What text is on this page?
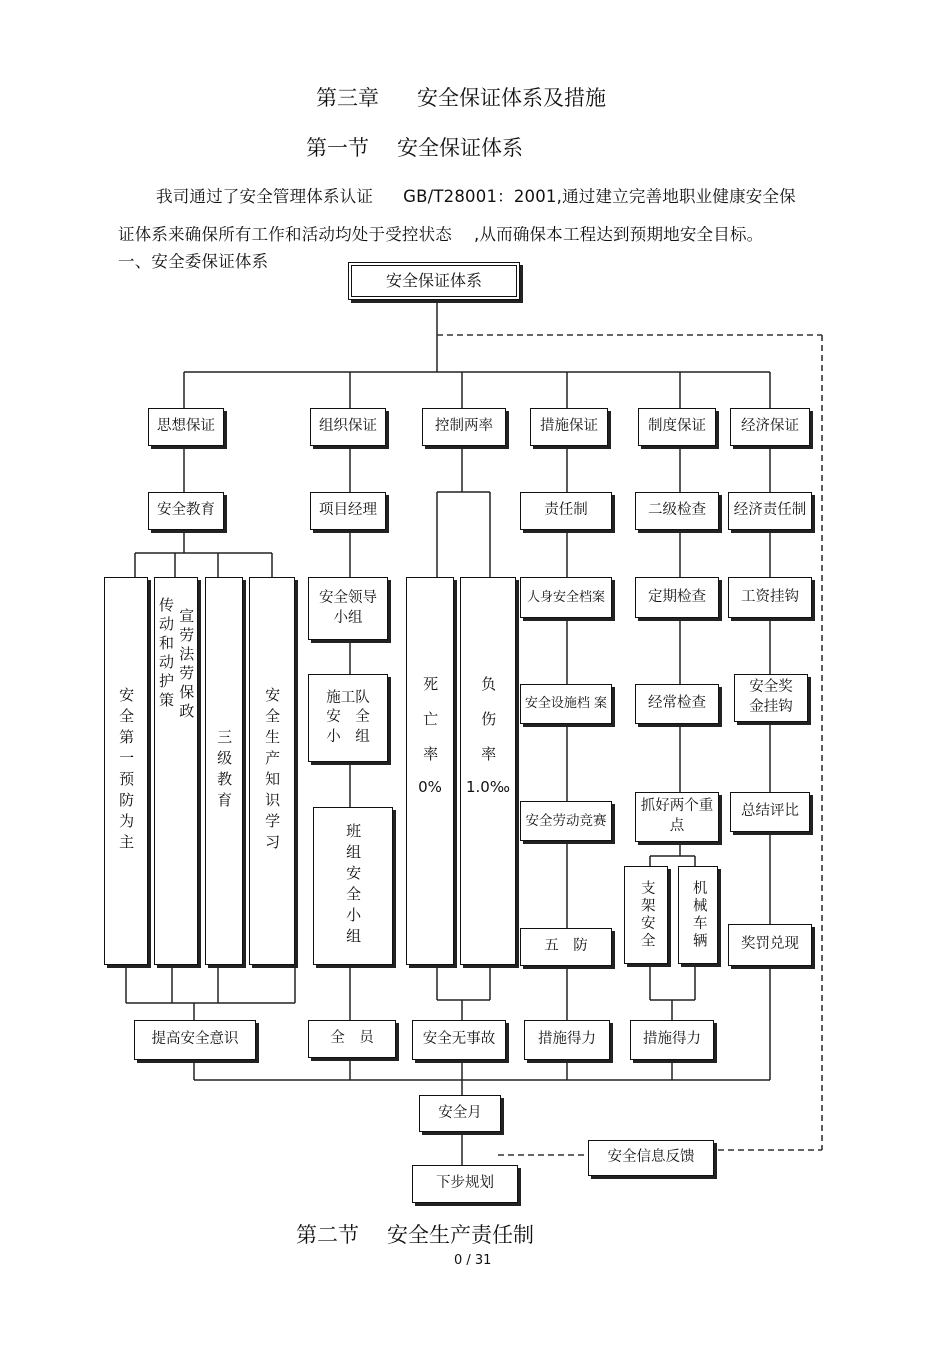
第三章 安全保证体系及措施
第一节 安全保证体系
我司通过了安全管理体系认证 GB/T28001：2001,通过建立完善地职业健康安全保
证体系来确保所有工作和活动均处于受控状态 ,从而确保本工程达到预期地安全目标。
一、安全委保证体系
安全保证体系
思想保证	组织保证	控制两率	措施保证	制度保证	经济保证
安全教育	项目经理	责任制	二级检查	经济责任制
安全第一预防为主
宣劳法劳保政
传动和动护策
三级教育	安全生产知识学习
安全领导
小组
施工队
安　全
小　组
班组安全小组
死亡率
0%
负伤率
1.0‰
人身安全档案
安全设施档 案
安全劳动竞赛
五　防
定期检查
经常检查
抓好两个重
点
支架安全	机械车辆
工资挂钩
安全奖
金挂钩
总结评比
奖罚兑现
提高安全意识	全　员	安全无事故	措施得力	措施得力
安全月
安全信息反馈
下步规划
第二节 安全生产责任制
0 / 31
